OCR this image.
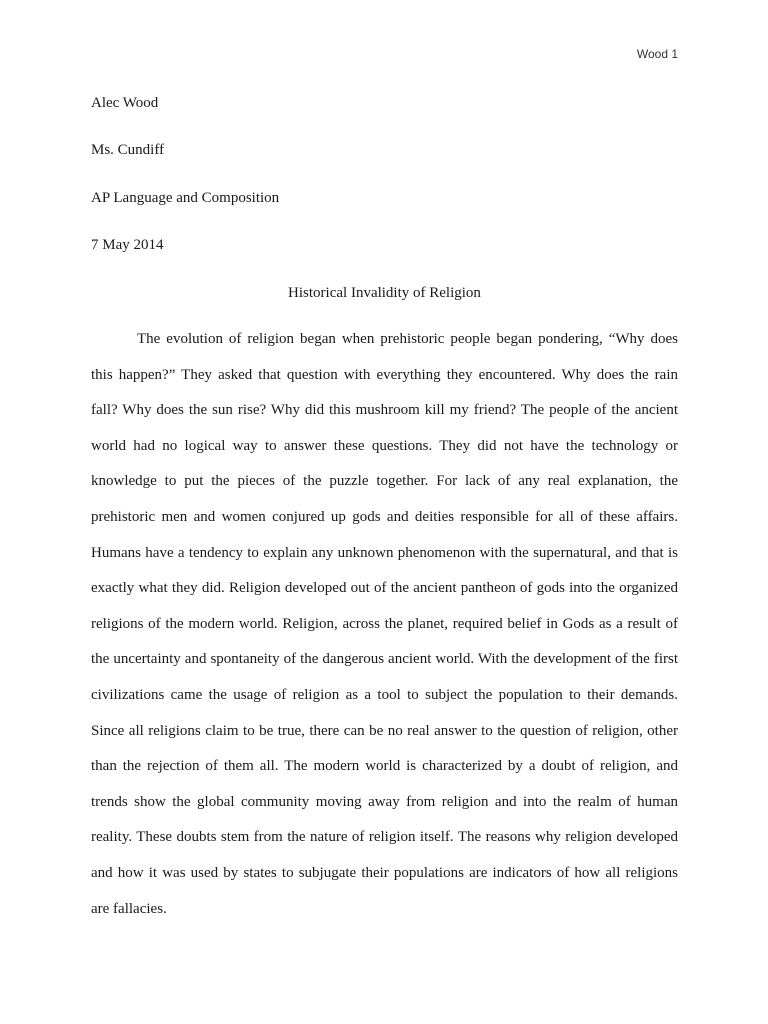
Wood 1
Alec Wood
Ms. Cundiff
AP Language and Composition
7 May 2014
Historical Invalidity of Religion
The evolution of religion began when prehistoric people began pondering, “Why does
this happen?” They asked that question with everything they encountered. Why does the rain
fall? Why does the sun rise? Why did this mushroom kill my friend? The people of the ancient
world had no logical way to answer these questions. They did not have the technology or
knowledge to put the pieces of the puzzle together. For lack of any real explanation, the
prehistoric men and women conjured up gods and deities responsible for all of these affairs.
Humans have a tendency to explain any unknown phenomenon with the supernatural, and that is
exactly what they did. Religion developed out of the ancient pantheon of gods into the organized
religions of the modern world. Religion, across the planet, required belief in Gods as a result of
the uncertainty and spontaneity of the dangerous ancient world. With the development of the first
civilizations came the usage of religion as a tool to subject the population to their demands.
Since all religions claim to be true, there can be no real answer to the question of religion, other
than the rejection of them all. The modern world is characterized by a doubt of religion, and
trends show the global community moving away from religion and into the realm of human
reality. These doubts stem from the nature of religion itself. The reasons why religion developed
and how it was used by states to subjugate their populations are indicators of how all religions
are fallacies.
